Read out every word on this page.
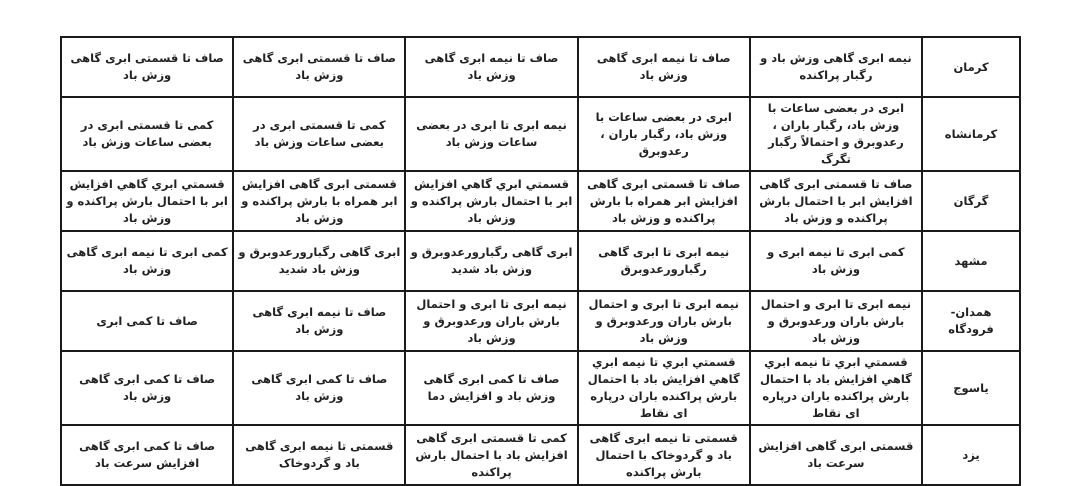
کرمان	نیمه ابری گاهی وزش باد و رگبار پراکنده	صاف تا نیمه ابری گاهی وزش باد	صاف تا نیمه ابری گاهی وزش باد	صاف تا قسمتی ابری گاهی وزش باد	صاف تا قسمتی ابری گاهی وزش باد
کرمانشاه	ابری در بعضی ساعات با وزش باد، رگبار باران ، رعدوبرق و احتمالاً رگبار تگرگ	ابری در بعضی ساعات با وزش باد، رگبار باران ، رعدوبرق	نیمه ابری تا ابری در بعضی ساعات وزش باد	کمی تا قسمتی ابری در بعضی ساعات وزش باد	کمی تا قسمتی ابری در بعضی ساعات وزش باد
گرگان	صاف تا قسمتی ابری گاهی افزایش ابر با احتمال بارش پراکنده و وزش باد	صاف تا قسمتی ابری گاهی افزایش ابر همراه با بارش پراکنده و وزش باد	قسمتي ابري گاهي افزايش ابر با احتمال بارش پراکنده و وزش باد	قسمتی ابری گاهی افزایش ابر همراه با بارش پراکنده و وزش باد	قسمتي ابري گاهي افزايش ابر با احتمال بارش پراکنده و وزش باد
مشهد	کمی ابری تا نیمه ابری و وزش باد	نیمه ابری تا ابری گاهی رگبارورعدوبرق	ابری گاهی رگبارورعدوبرق و وزش باد شدید	ابری گاهی رگبارورعدوبرق و وزش باد شدید	کمی ابری تا نیمه ابری گاهی وزش باد
همدان- فرودگاه	نیمه ابری تا ابری و احتمال بارش باران ورعدوبرق و وزش باد	نیمه ابری تا ابری و احتمال بارش باران ورعدوبرق و وزش باد	نیمه ابری تا ابری و احتمال بارش باران ورعدوبرق و وزش باد	صاف تا نیمه ابری گاهی وزش باد	صاف تا کمی ابری
یاسوج	قسمتي ابري تا نيمه ابري گاهي افزايش باد با احتمال بارش پراکنده باران درپاره ای نقاط	قسمتي ابري تا نيمه ابري گاهي افزايش باد با احتمال بارش پراکنده باران درپاره ای نقاط	صاف تا کمی ابری گاهی وزش باد و افزایش دما	صاف تا کمی ابری گاهی وزش باد	صاف تا کمی ابری گاهی وزش باد
یزد	قسمتی ابری گاهی افزایش سرعت باد	قسمتی تا نیمه ابری گاهی باد و گردوخاک با احتمال بارش پراکنده	کمی تا قسمتی ابری گاهی افزایش باد با احتمال بارش پراکنده	قسمتی تا نیمه ابری گاهی باد و گردوخاک	صاف تا کمی ابری گاهی افزایش سرعت باد
